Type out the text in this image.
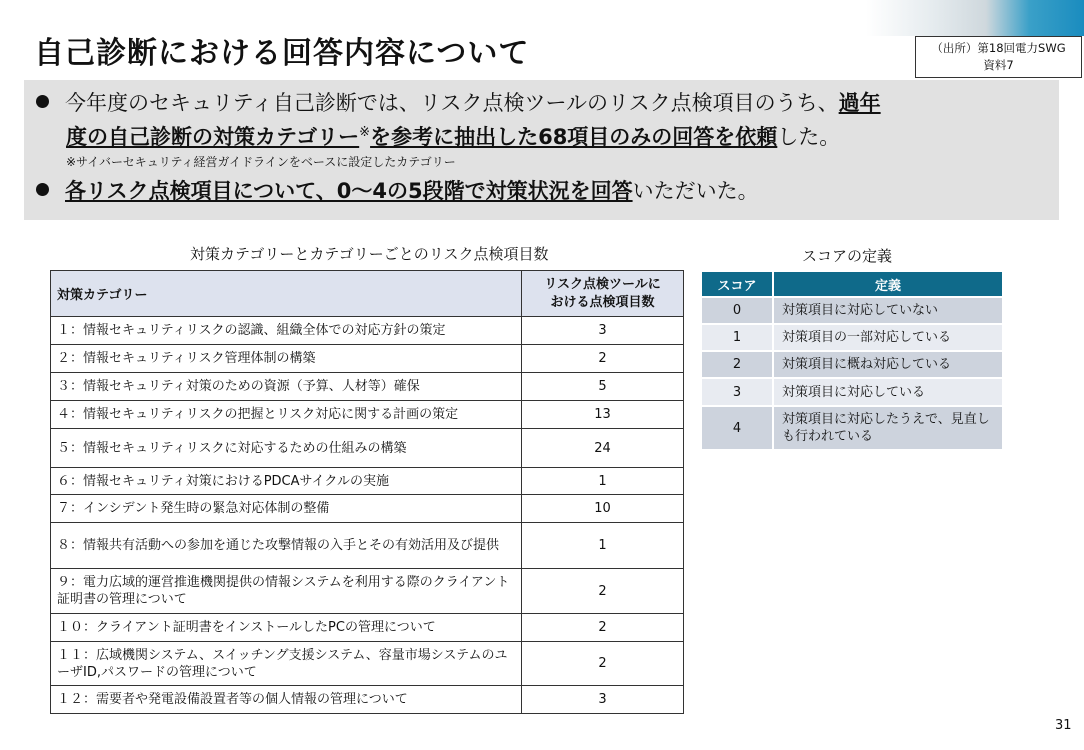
自己診断における回答内容について	（出所）第18回電力SWG
資料7
今年度のセキュリティ自己診断では、リスク点検ツールのリスク点検項目のうち、過年
度の自己診断の対策カテゴリー※を参考に抽出した68項目のみの回答を依頼した。
※サイバーセキュリティ経営ガイドラインをベースに設定したカテゴリー
各リスク点検項目について、0～4の5段階で対策状況を回答いただいた。
対策カテゴリーとカテゴリーごとのリスク点検項目数	スコアの定義
対策カテゴリー	リスク点検ツールに
おける点検項目数

１：情報セキュリティリスクの認識、組織全体での対応方針の策定	3
２：情報セキュリティリスク管理体制の構築	2
３：情報セキュリティ対策のための資源（予算、人材等）確保	5
４：情報セキュリティリスクの把握とリスク対応に関する計画の策定	13
５：情報セキュリティリスクに対応するための仕組みの構築	24
６：情報セキュリティ対策におけるPDCAサイクルの実施	1
７：インシデント発生時の緊急対応体制の整備	10
８：情報共有活動への参加を通じた攻撃情報の入手とその有効活用及び提供	1
９：電力広域的運営推進機関提供の情報システムを利用する際のクライアント証明書の管理について	2
１０：クライアント証明書をインストールしたPCの管理について	2
１１：広域機関システム、スイッチング支援システム、容量市場システムのユーザID,パスワードの管理について	2
１２：需要者や発電設備設置者等の個人情報の管理について	3
スコア	定義
0	対策項目に対応していない
1	対策項目の一部対応している
2	対策項目に概ね対応している
3	対策項目に対応している
4	対策項目に対応したうえで、見直しも行われている
31
